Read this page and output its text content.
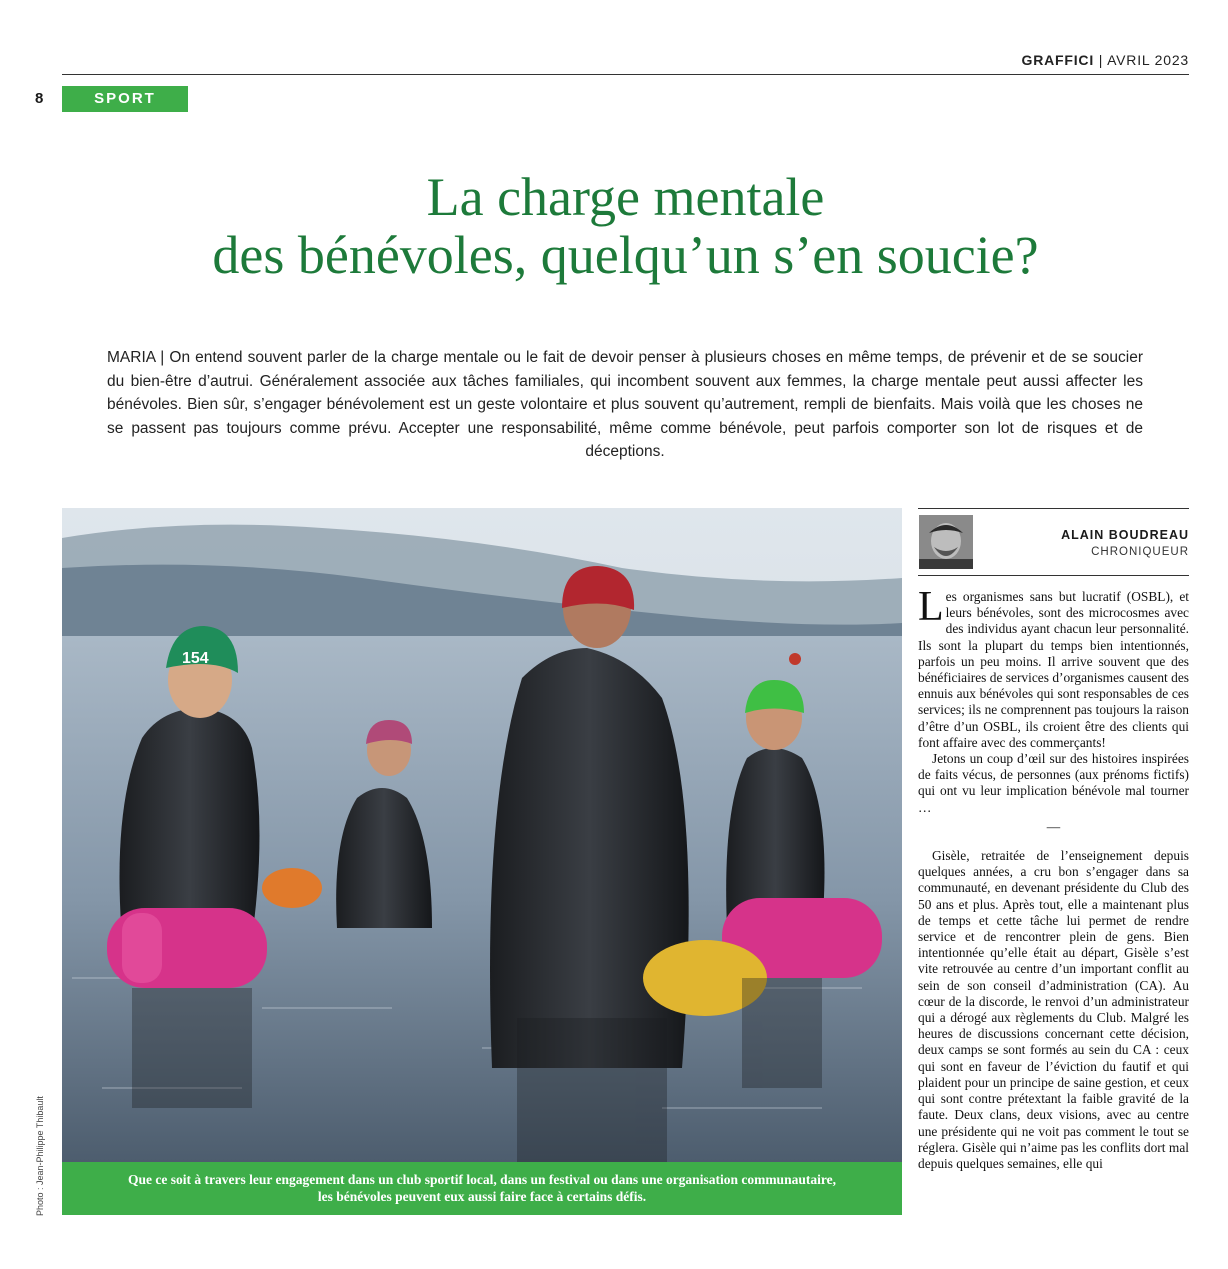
GRAFFICI | AVRIL 2023
8	SPORT
La charge mentale
des bénévoles, quelqu’un s’en soucie?
MARIA | On entend souvent parler de la charge mentale ou le fait de devoir penser à plusieurs choses en même temps, de prévenir et de se soucier du bien-être d’autrui. Généralement associée aux tâches familiales, qui incombent souvent aux femmes, la charge mentale peut aussi affecter les bénévoles. Bien sûr, s’engager bénévolement est un geste volontaire et plus souvent qu’autrement, rempli de bienfaits. Mais voilà que les choses ne se passent pas toujours comme prévu. Accepter une responsabilité, même comme bénévole, peut parfois comporter son lot de risques et de déceptions.
154
Que ce soit à travers leur engagement dans un club sportif local, dans un festival ou dans une organisation communautaire,
les bénévoles peuvent eux aussi faire face à certains défis.
Photo : Jean-Philippe Thibault
ALAIN BOUDREAU
CHRONIQUEUR

Les organismes sans but lucratif (OSBL), et leurs bénévoles, sont des microcosmes avec des individus ayant chacun leur personnalité. Ils sont la plupart du temps bien intentionnés, parfois un peu moins. Il arrive souvent que des bénéficiaires de services d’organismes causent des ennuis aux bénévoles qui sont responsables de ces services; ils ne comprennent pas toujours la raison d’être d’un OSBL, ils croient être des clients qui font affaire avec des commerçants!

Jetons un coup d’œil sur des histoires inspirées de faits vécus, de personnes (aux prénoms fictifs) qui ont vu leur implication bénévole mal tourner …

—

Gisèle, retraitée de l’enseignement depuis quelques années, a cru bon s’engager dans sa communauté, en devenant présidente du Club des 50 ans et plus. Après tout, elle a maintenant plus de temps et cette tâche lui permet de rendre service et de rencontrer plein de gens. Bien intentionnée qu’elle était au départ, Gisèle s’est vite retrouvée au centre d’un important conflit au sein de son conseil d’administration (CA). Au cœur de la discorde, le renvoi d’un administrateur qui a dérogé aux règlements du Club. Malgré les heures de discussions concernant cette décision, deux camps se sont formés au sein du CA : ceux qui sont en faveur de l’éviction du fautif et qui plaident pour un principe de saine gestion, et ceux qui sont contre prétextant la faible gravité de la faute. Deux clans, deux visions, avec au centre une présidente qui ne voit pas comment le tout se réglera. Gisèle qui n’aime pas les conflits dort mal depuis quelques semaines, elle qui
